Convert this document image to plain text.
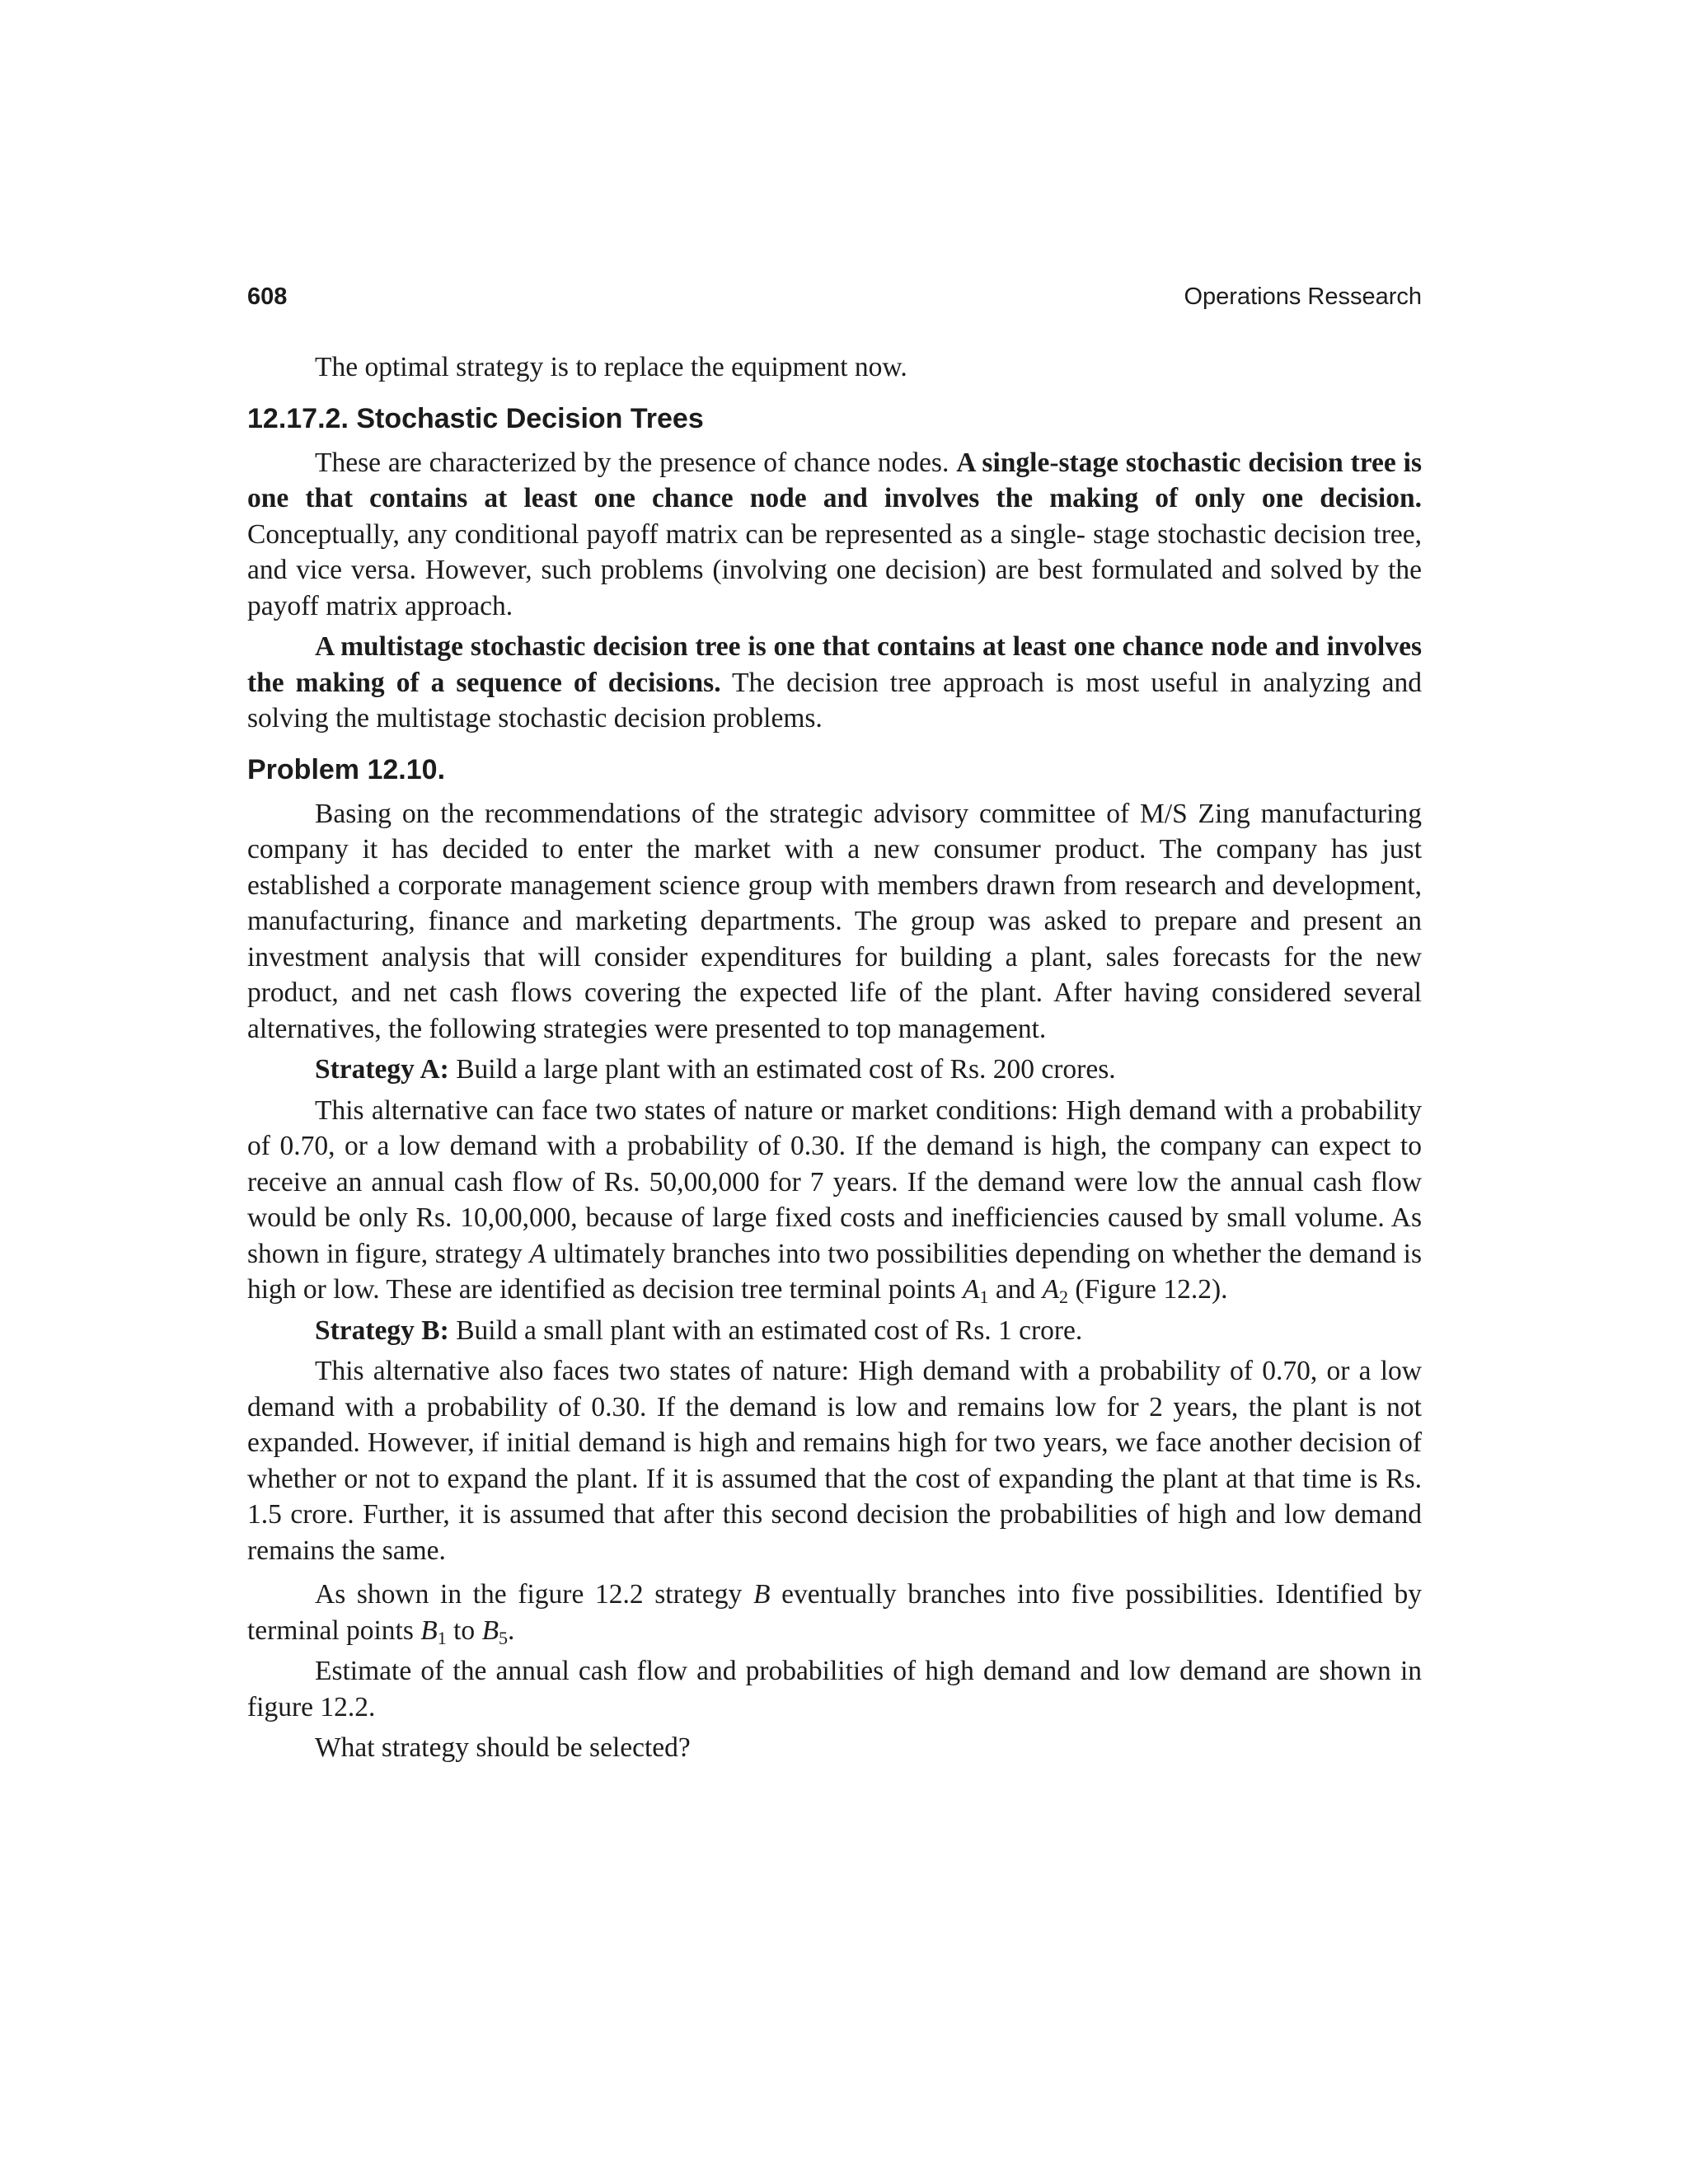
608	Operations Ressearch

The optimal strategy is to replace the equipment now.

12.17.2. Stochastic Decision Trees

These are characterized by the presence of chance nodes. A single-stage stochastic decision tree is one that contains at least one chance node and involves the making of only one decision. Conceptually, any conditional payoff matrix can be represented as a single- stage stochastic decision tree, and vice versa. However, such problems (involving one decision) are best formulated and solved by the payoff matrix approach.

A multistage stochastic decision tree is one that contains at least one chance node and involves the making of a sequence of decisions. The decision tree approach is most useful in analyzing and solving the multistage stochastic decision problems.

Problem 12.10.

Basing on the recommendations of the strategic advisory committee of M/S Zing manufacturing company it has decided to enter the market with a new consumer product. The company has just established a corporate management science group with members drawn from research and development, manufacturing, finance and marketing departments. The group was asked to prepare and present an investment analysis that will consider expenditures for building a plant, sales forecasts for the new product, and net cash flows covering the expected life of the plant. After having considered several alternatives, the following strategies were presented to top management.

Strategy A: Build a large plant with an estimated cost of Rs. 200 crores.

This alternative can face two states of nature or market conditions: High demand with a probability of 0.70, or a low demand with a probability of 0.30. If the demand is high, the company can expect to receive an annual cash flow of Rs. 50,00,000 for 7 years. If the demand were low the annual cash flow would be only Rs. 10,00,000, because of large fixed costs and inefficiencies caused by small volume. As shown in figure, strategy A ultimately branches into two possibilities depending on whether the demand is high or low. These are identified as decision tree terminal points $A_1$ and $A_2$ (Figure 12.2).

Strategy B: Build a small plant with an estimated cost of Rs. 1 crore.

This alternative also faces two states of nature: High demand with a probability of 0.70, or a low demand with a probability of 0.30. If the demand is low and remains low for 2 years, the plant is not expanded. However, if initial demand is high and remains high for two years, we face another decision of whether or not to expand the plant. If it is assumed that the cost of expanding the plant at that time is Rs. 1.5 crore. Further, it is assumed that after this second decision the probabilities of high and low demand remains the same.

As shown in the figure 12.2 strategy B eventually branches into five possibilities. Identified by terminal points $B_1$ to $B_5$.

Estimate of the annual cash flow and probabilities of high demand and low demand are shown in figure 12.2.

What strategy should be selected?
